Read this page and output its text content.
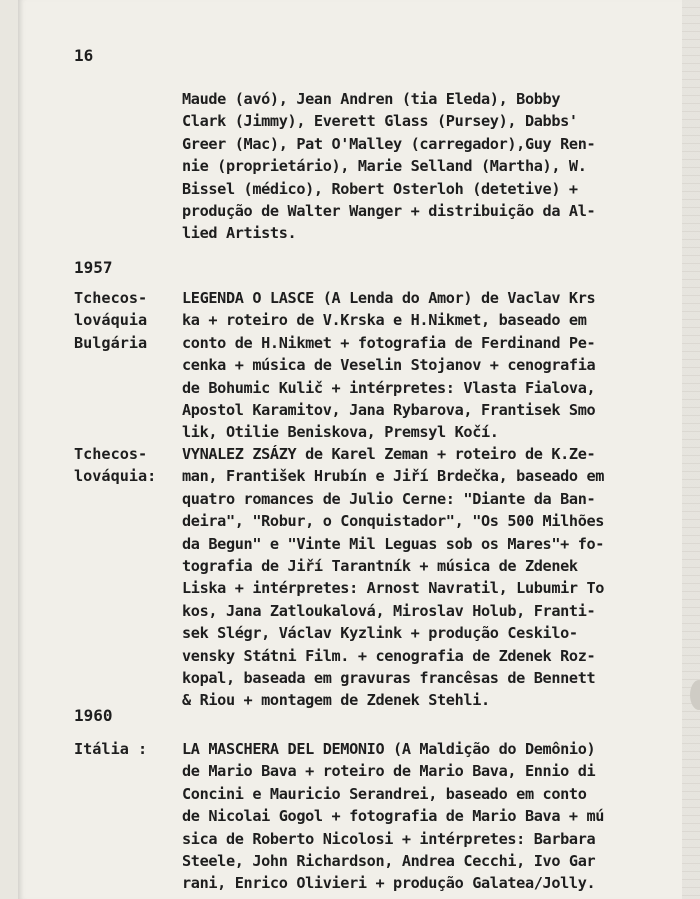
16
Maude (avó), Jean Andren (tia Eleda), Bobby
Clark (Jimmy), Everett Glass (Pursey), Dabbs'
Greer (Mac), Pat O'Malley (carregador),Guy Ren-
nie (proprietário), Marie Selland (Martha), W.
Bissel (médico), Robert Osterloh (detetive) +
produção de Walter Wanger + distribuição da Al-
lied Artists.
1957
Tchecos-
lováquia
Bulgária
LEGENDA O LASCE (A Lenda do Amor) de Vaclav Krs
ka + roteiro de V.Krska e H.Nikmet, baseado em
conto de H.Nikmet + fotografia de Ferdinand Pe-
cenka + música de Veselin Stojanov + cenografia
de Bohumic Kulič + intérpretes: Vlasta Fialova,
Apostol Karamitov, Jana Rybarova, Frantisek Smo
lik, Otilie Beniskova, Premsyl Kočí.
Tchecos-
lováquia:
VYNALEZ ZSÁZY de Karel Zeman + roteiro de K.Ze-
man, František Hrubín e Jiří Brdečka, baseado em
quatro romances de Julio Cerne: "Diante da Ban-
deira", "Robur, o Conquistador", "Os 500 Milhões
da Begun" e "Vinte Mil Leguas sob os Mares"+ fo-
tografia de Jiří Tarantník + música de Zdenek
Liska + intérpretes: Arnost Navratil, Lubumir To
kos, Jana Zatloukalová, Miroslav Holub, Franti-
sek Slégr, Václav Kyzlink + produção Ceskilo-
vensky Státni Film. + cenografia de Zdenek Roz-
kopal, baseada em gravuras francêsas de Bennett
& Riou + montagem de Zdenek Stehli.
1960
Itália :	LA MASCHERA DEL DEMONIO (A Maldição do Demônio)
de Mario Bava + roteiro de Mario Bava, Ennio di
Concini e Mauricio Serandrei, baseado em conto
de Nicolai Gogol + fotografia de Mario Bava + mú
sica de Roberto Nicolosi + intérpretes: Barbara
Steele, John Richardson, Andrea Cecchi, Ivo Gar
rani, Enrico Olivieri + produção Galatea/Jolly.
